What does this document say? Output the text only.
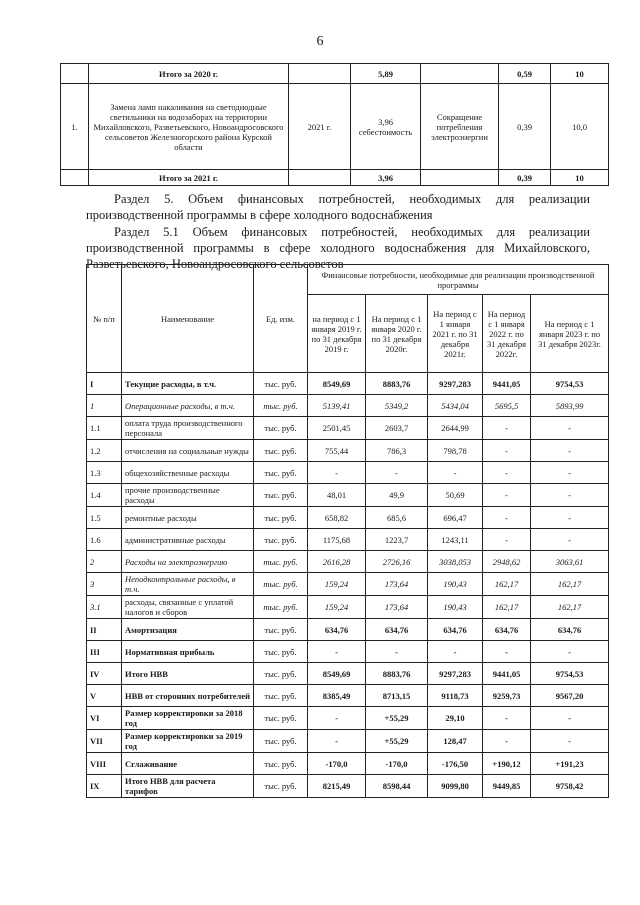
6
	Итого за 2020 г.		5,89		0,59	10
1.	Замена ламп накаливания на светодиодные светильники на водозаборах на территории Михайловского, Разветьевского, Новоандросовского сельсоветов Железногорского района Курской области	2021 г.	3,96 себестоимость	Сокращение потребления электроэнергии	0,39	10,0
	Итого за 2021 г.		3,96		0,39	10
Раздел 5. Объем финансовых потребностей, необходимых для реализации производственной программы в сфере холодного водоснабжения
Раздел 5.1 Объем финансовых потребностей, необходимых для реализации производственной программы в сфере холодного водоснабжения для Михайловского, Разветьевского, Новоандросовского сельсоветов
№ п/п	Наименование	Ед. изм.	Финансовые потребности, необходимые для реализации производственной программы				
			на период с 1 января 2019 г. по 31 декабря 2019 г.	На период с 1 января 2020 г. по 31 декабря 2020г.	На период с 1 января 2021 г. по 31 декабря 2021г.	На период с 1 января 2022 г. по 31 декабря 2022г.	На период с 1 января 2023 г. по 31 декабря 2023г.
I	Текущие расходы, в т.ч.	тыс. руб.	8549,69	8883,76	9297,283	9441,05	9754,53
1	Операционные расходы, в т.ч.	тыс. руб.	5139,41	5349,2	5434,04	5695,5	5893,99
1.1	оплата труда производственного персонала	тыс. руб.	2501,45	2603,7	2644,99	-	-
1.2	отчисления на социальные нужды	тыс. руб.	755,44	786,3	798,78	-	-
1.3	общехозяйственные расходы	тыс. руб.	-	-	-	-	-
1.4	прочие производственные расходы	тыс. руб.	48,01	49,9	50,69	-	-
1.5	ремонтные расходы	тыс. руб.	658,82	685,6	696,47	-	-
1.6	административные расходы	тыс. руб.	1175,68	1223,7	1243,11	-	-
2	Расходы на электроэнергию	тыс. руб.	2616,28	2726,16	3038,053	2948,62	3063,61
3	Неподконтрольные расходы, в т.ч.	тыс. руб.	159,24	173,64	190,43	162,17	162,17
3.1	расходы, связанные с уплатой налогов и сборов	тыс. руб.	159,24	173,64	190,43	162,17	162,17
II	Амортизация	тыс. руб.	634,76	634,76	634,76	634,76	634,76
III	Нормативная прибыль	тыс. руб.	-	-	-	-	-
IV	Итого НВВ	тыс. руб.	8549,69	8883,76	9297,283	9441,05	9754,53
V	НВВ от сторонних потребителей	тыс. руб.	8385,49	8713,15	9118,73	9259,73	9567,20
VI	Размер корректировки за 2018 год	тыс. руб.	-	+55,29	29,10	-	-
VII	Размер корректировки за 2019 год	тыс. руб.	-	+55,29	128,47	-	-
VIII	Сглаживание	тыс. руб.	-170,0	-170,0	-176,50	+190,12	+191,23
IX	Итого НВВ для расчета тарифов	тыс. руб.	8215,49	8598,44	9099,80	9449,85	9758,42
